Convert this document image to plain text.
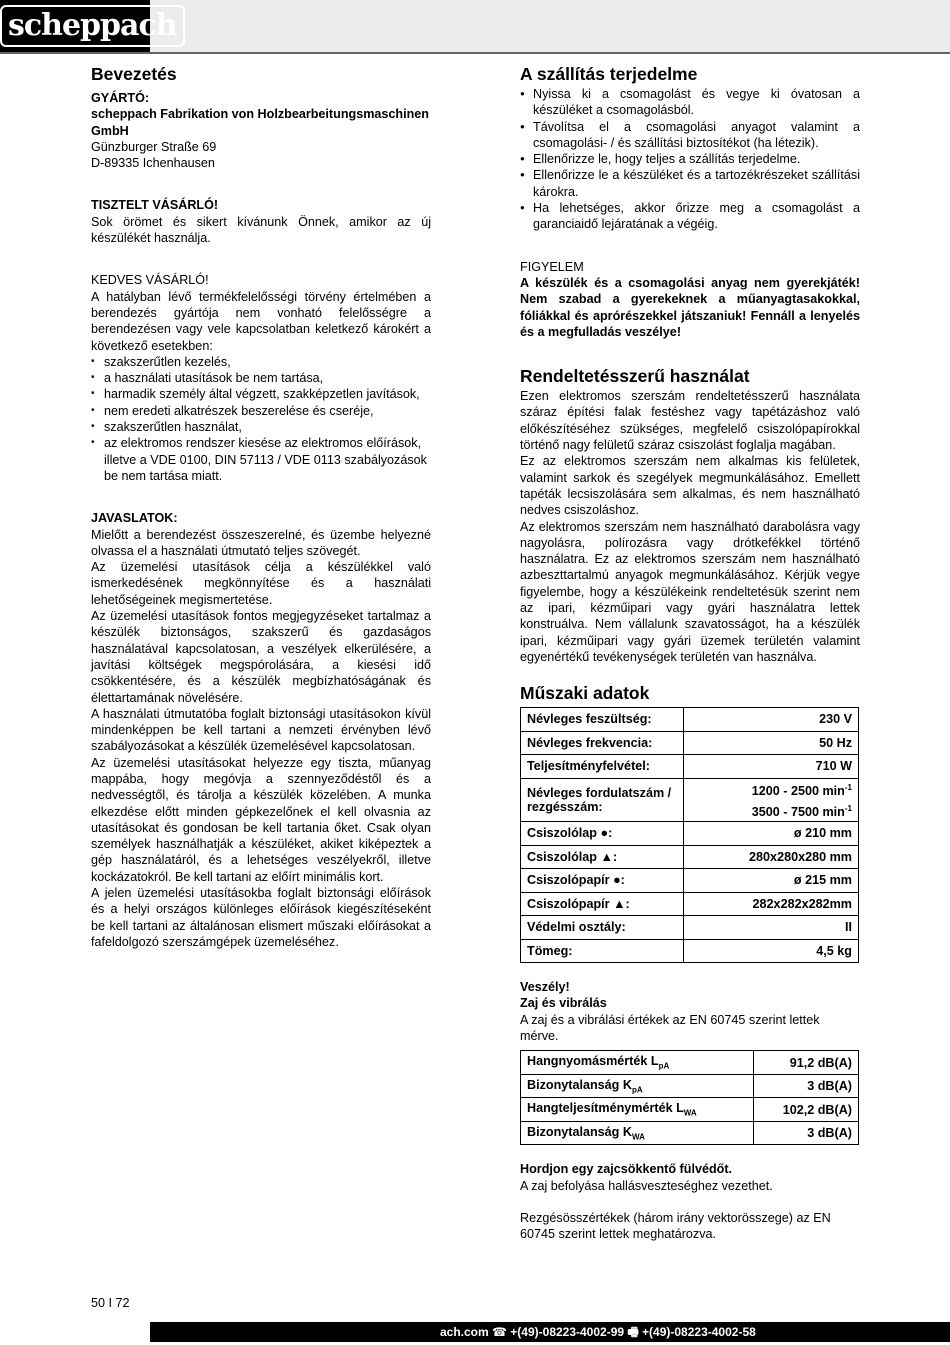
scheppach
Bevezetés

GYÁRTÓ:

scheppach Fabrikation von Holzbearbeitungsmaschinen GmbH

Günzburger Straße 69

D-89335 Ichenhausen

TISZTELT VÁSÁRLÓ!

Sok örömet és sikert kívánunk Önnek, amikor az új készülékét használja.

KEDVES VÁSÁRLÓ!

A hatályban lévő termékfelelősségi törvény értelmében a berendezés gyártója nem vonható felelősségre a berendezésen vagy vele kapcsolatban keletkező károkért a következő esetekben:

• szakszerűtlen kezelés,
• a használati utasítások be nem tartása,
• harmadik személy által végzett, szakképzetlen javítások,
• nem eredeti alkatrészek beszerelése és cseréje,
• szakszerűtlen használat,
• az elektromos rendszer kiesése az elektromos előírások, illetve a VDE 0100, DIN 57113 / VDE 0113 szabályozások be nem tartása miatt.

JAVASLATOK:

Mielőtt a berendezést összeszerelné, és üzembe helyezné olvassa el a használati útmutató teljes szövegét.

Az üzemelési utasítások célja a készülékkel való ismerkedésének megkönnyítése és a használati lehetőségeinek megismertetése.

Az üzemelési utasítások fontos megjegyzéseket tartalmaz a készülék biztonságos, szakszerű és gazdaságos használatával kapcsolatosan, a veszélyek elkerülésére, a javítási költségek megspórolására, a kiesési idő csökkentésére, és a készülék megbízhatóságának és élettartamának növelésére.

A használati útmutatóba foglalt biztonsági utasításokon kívül mindenképpen be kell tartani a nemzeti érvényben lévő szabályozásokat a készülék üzemelésével kapcsolatosan.

Az üzemelési utasításokat helyezze egy tiszta, műanyag mappába, hogy megóvja a szennyeződéstől és a nedvességtől, és tárolja a készülék közelében. A munka elkezdése előtt minden gépkezelőnek el kell olvasnia az utasításokat és gondosan be kell tartania őket. Csak olyan személyek használhatják a készüléket, akiket kiképeztek a gép használatáról, és a lehetséges veszélyekről, illetve kockázatokról. Be kell tartani az előírt minimális kort.

A jelen üzemelési utasításokba foglalt biztonsági előírások és a helyi országos különleges előírások kiegészítéseként be kell tartani az általánosan elismert műszaki előírásokat a fafeldolgozó szerszámgépek üzemeléséhez.

A szállítás terjedelme
● Nyissa ki a csomagolást és vegye ki óvatosan a készüléket a csomagolásból.
● Távolítsa el a csomagolási anyagot valamint a csomagolási- / és szállítási biztosítékot (ha létezik).
● Ellenőrizze le, hogy teljes a szállítás terjedelme.
● Ellenőrizze le a készüléket és a tartozékrészeket szállítási károkra.
● Ha lehetséges, akkor őrizze meg a csomagolást a garanciaidő lejáratának a végéig.

FIGYELEM

A készülék és a csomagolási anyag nem gyerekjáték! Nem szabad a gyerekeknek a műanyagtasakokkal, fóliákkal és aprórészekkel játszaniuk! Fennáll a lenyelés és a megfulladás veszélye!

Rendeltetésszerű használat

Ezen elektromos szerszám rendeltetésszerű használata száraz építési falak festéshez vagy tapétázáshoz való előkészítéséhez szükséges, megfelelő csiszolópapírokkal történő nagy felületű száraz csiszolást foglalja magában.

Ez az elektromos szerszám nem alkalmas kis felületek, valamint sarkok és szegélyek megmunkálásához. Emellett tapéták lecsiszolására sem alkalmas, és nem használható nedves csiszoláshoz.

Az elektromos szerszám nem használható darabolásra vagy nagyolásra, polírozásra vagy drótkefékkel történő használatra. Ez az elektromos szerszám nem használható azbeszttartalmú anyagok megmunkálásához. Kérjük vegye figyelembe, hogy a készülékeink rendeltetésük szerint nem az ipari, kézműipari vagy gyári használatra lettek konstruálva. Nem vállalunk szavatosságot, ha a készülék ipari, kézműipari vagy gyári üzemek területén valamint egyenértékű tevékenységek területén van használva.

Műszaki adatok
Névleges feszültség:	230 V
Névleges frekvencia:	50 Hz
Teljesítményfelvétel:	710 W
Névleges fordulatszám / rezgésszám:	1200 - 2500 $\min^{-1}$
3500 - 7500 $\min^{-1}$
Csiszolólap ●:	ø 210 mm
Csiszolólap ▲:	280x280x280 mm
Csiszolópapír ●:	ø 215 mm
Csiszolópapír ▲:	282x282x282mm
Védelmi osztály:	II
Tömeg:	4,5 kg

Veszély!

Zaj és vibrálás

A zaj és a vibrálási értékek az EN 60745 szerint lettek mérve.

Hangnyomásmérték $L_{pA}$	91,2 dB(A)
Bizonytalanság $K_{pA}$	3 dB(A)
Hangteljesítménymérték $L_{WA}$	102,2 dB(A)
Bizonytalanság $K_{WA}$	3 dB(A)

Hordjon egy zajcsökkentő fülvédőt.

A zaj befolyása hallásveszteséghez vezethet.

Rezgésösszértékek (három irány vektorösszege) az EN 60745 szerint lettek meghatározva.

50 I 72
ach.com ☎ +(49)-08223-4002-99 🖷 +(49)-08223-4002-58
